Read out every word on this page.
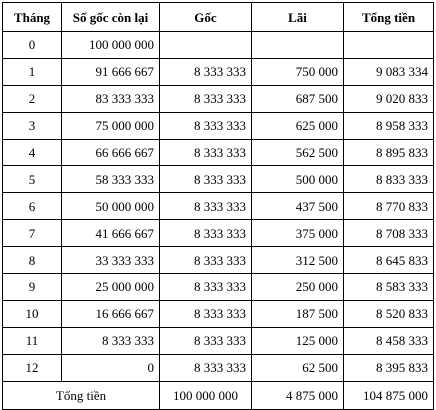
Tháng	Số gốc còn lại	Gốc	Lãi	Tổng tiền
0	100 000 000			
1	91 666 667	8 333 333	750 000	9 083 334
2	83 333 333	8 333 333	687 500	9 020 833
3	75 000 000	8 333 333	625 000	8 958 333
4	66 666 667	8 333 333	562 500	8 895 833
5	58 333 333	8 333 333	500 000	8 833 333
6	50 000 000	8 333 333	437 500	8 770 833
7	41 666 667	8 333 333	375 000	8 708 333
8	33 333 333	8 333 333	312 500	8 645 833
9	25 000 000	8 333 333	250 000	8 583 333
10	16 666 667	8 333 333	187 500	8 520 833
11	8 333 333	8 333 333	125 000	8 458 333
12	0	8 333 333	62 500	8 395 833
Tổng tiền		100 000 000	4 875 000	104 875 000
